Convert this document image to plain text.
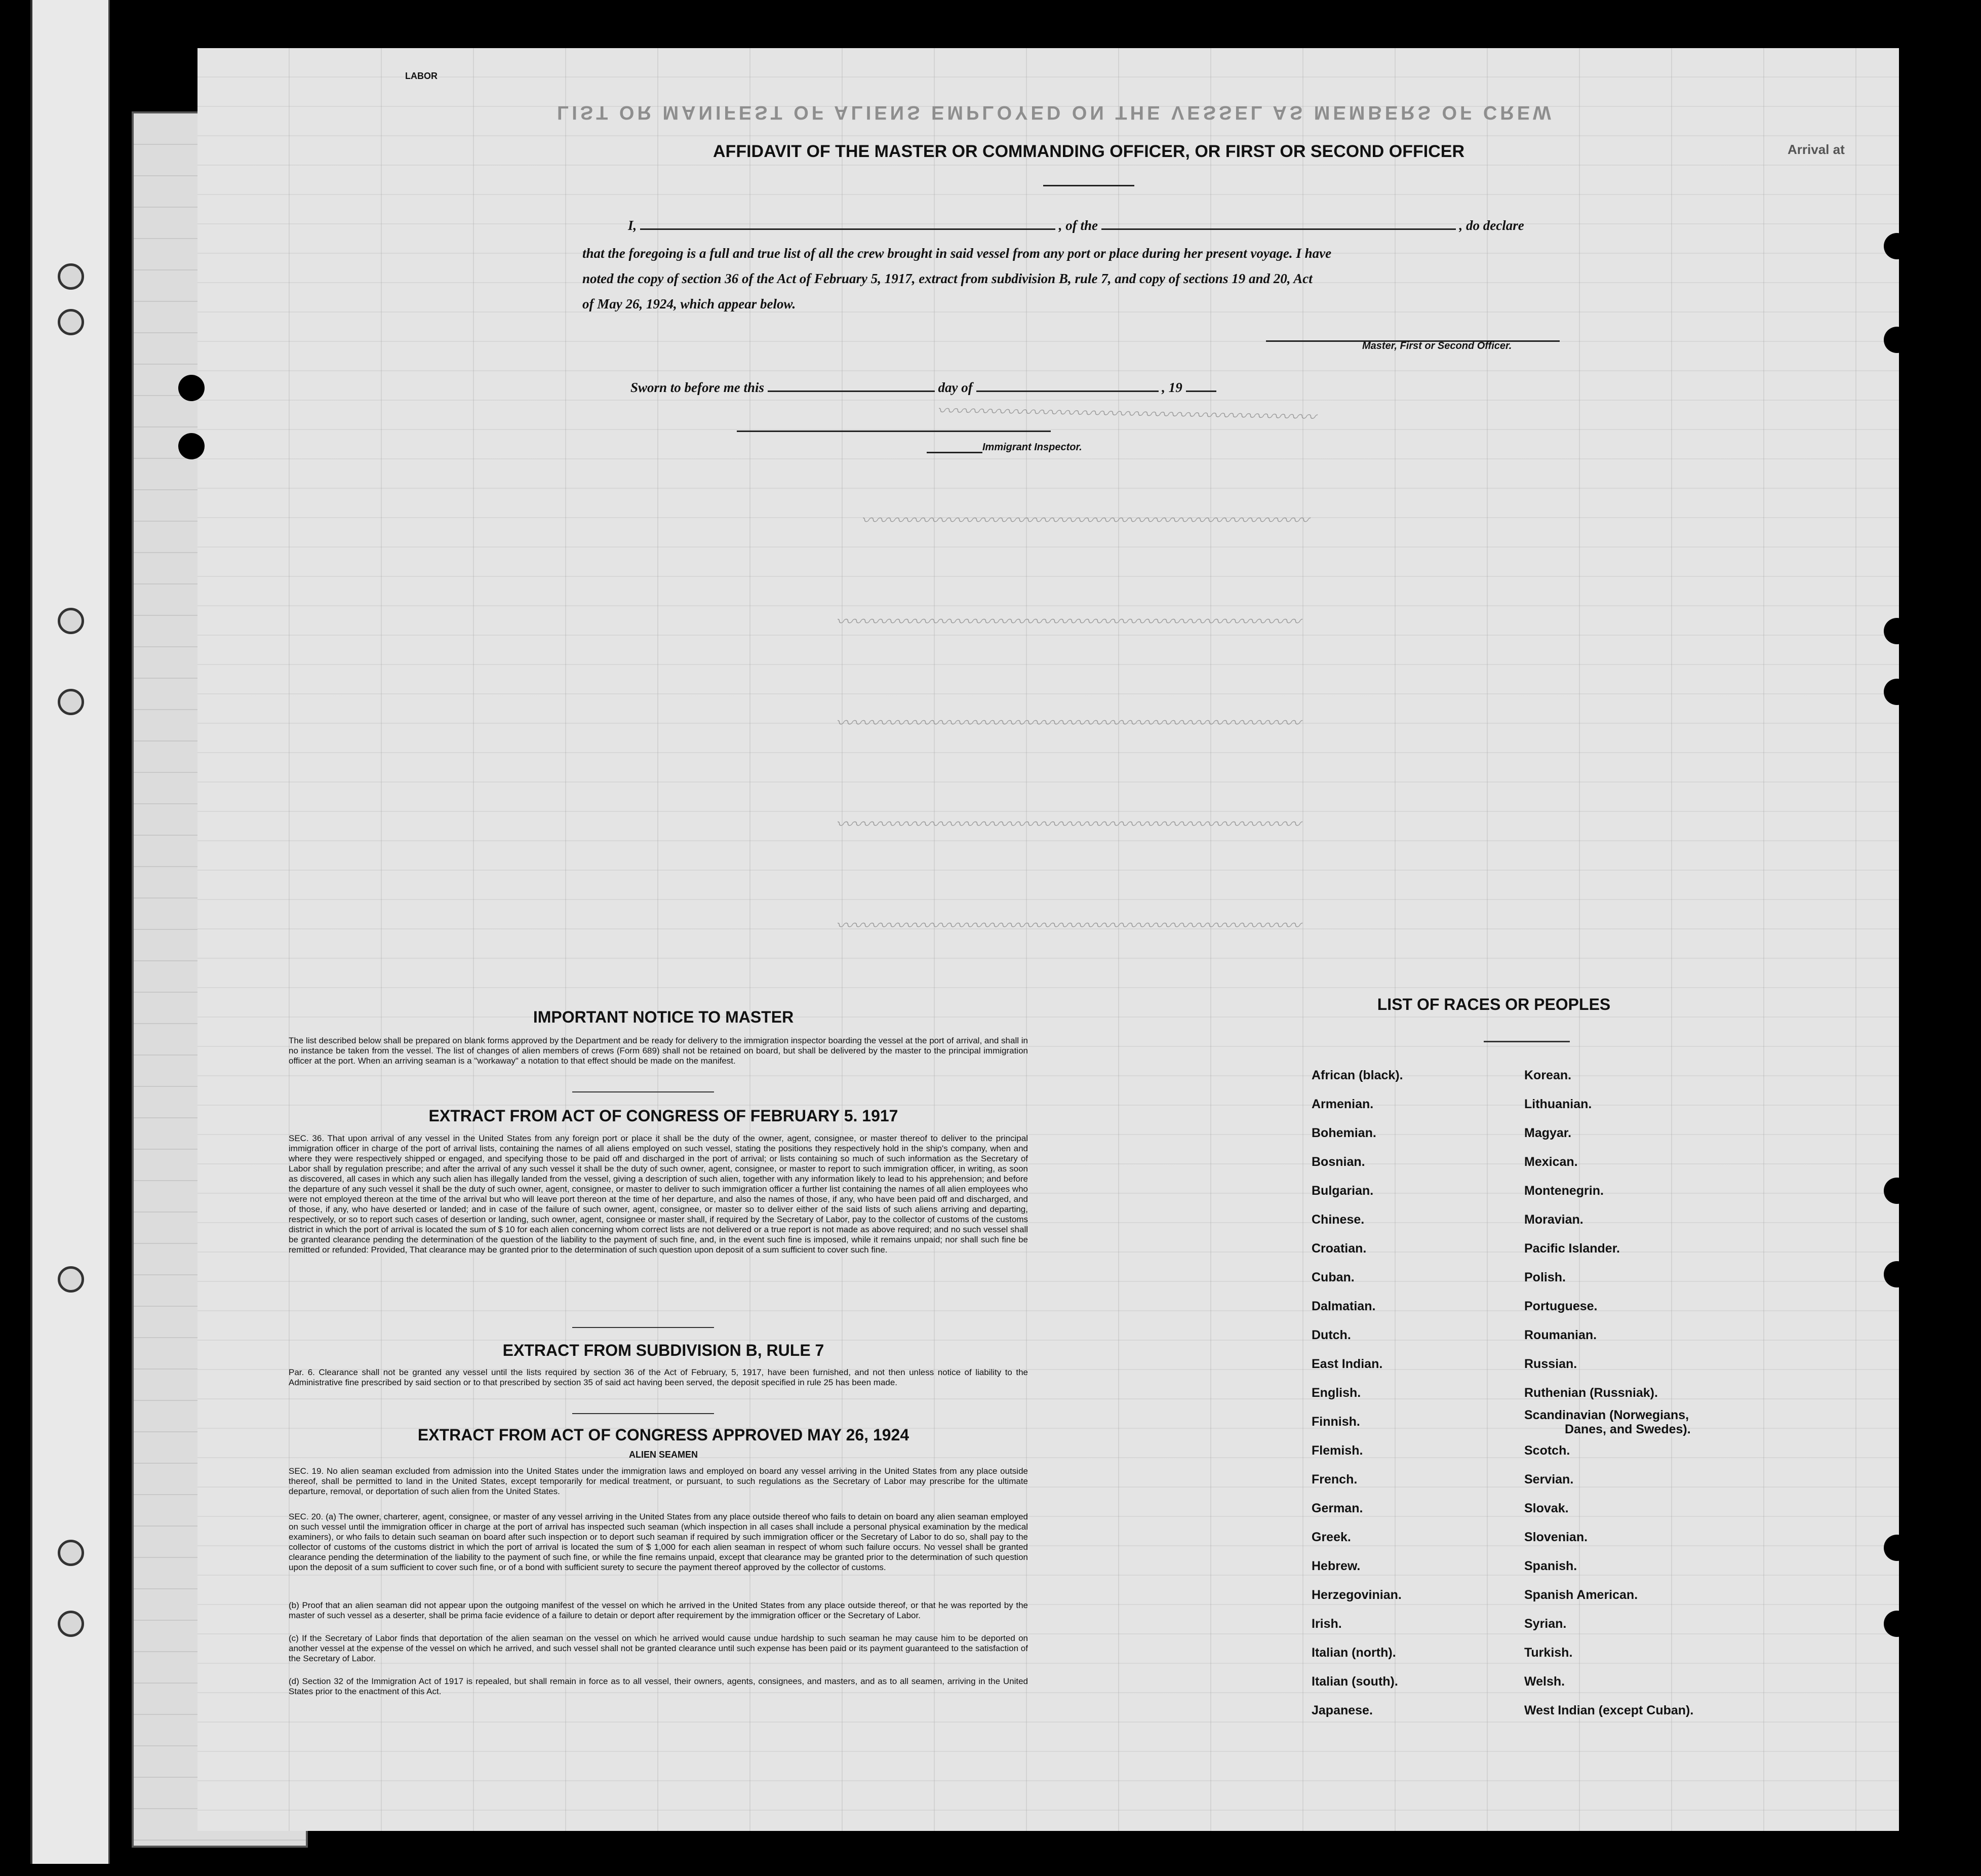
LABOR
LIST OR MANIFEST OF ALIENS EMPLOYED ON THE VESSEL AS MEMBERS OF CREW
Arrival at
AFFIDAVIT OF THE MASTER OR COMMANDING OFFICER, OR FIRST OR SECOND OFFICER
I,	, of the	, do declare
that the foregoing is a full and true list of all the crew brought in said vessel from any port or place during her present voyage. I have
noted the copy of section 36 of the Act of February 5, 1917, extract from subdivision B, rule 7, and copy of sections 19 and 20, Act
of May 26, 1924, which appear below.
Master, First or Second Officer.
Sworn to before me this	day of	, 19
Immigrant Inspector.
〰〰〰〰〰〰〰〰〰〰〰〰〰〰〰〰〰〰〰〰〰〰
〰〰〰〰〰〰〰〰〰〰〰〰〰〰〰〰〰〰〰〰〰〰〰〰〰〰
〰〰〰〰〰〰〰〰〰〰〰〰〰〰〰〰〰〰〰〰〰〰〰〰〰〰〰
〰〰〰〰〰〰〰〰〰〰〰〰〰〰〰〰〰〰〰〰〰〰〰〰〰〰〰
〰〰〰〰〰〰〰〰〰〰〰〰〰〰〰〰〰〰〰〰〰〰〰〰〰〰〰
〰〰〰〰〰〰〰〰〰〰〰〰〰〰〰〰〰〰〰〰〰〰〰〰〰〰〰
IMPORTANT NOTICE TO MASTER
The list described below shall be prepared on blank forms approved by the Department and be ready for delivery to the immigration inspector boarding the vessel at the port of arrival, and shall in no instance be taken from the vessel. The list of changes of alien members of crews (Form 689) shall not be retained on board, but shall be delivered by the master to the principal immigration officer at the port. When an arriving seaman is a "workaway" a notation to that effect should be made on the manifest.
EXTRACT FROM ACT OF CONGRESS OF FEBRUARY 5. 1917
SEC. 36. That upon arrival of any vessel in the United States from any foreign port or place it shall be the duty of the owner, agent, consignee, or master thereof to deliver to the principal immigration officer in charge of the port of arrival lists, containing the names of all aliens employed on such vessel, stating the positions they respectively hold in the ship's company, when and where they were respectively shipped or engaged, and specifying those to be paid off and discharged in the port of arrival; or lists containing so much of such information as the Secretary of Labor shall by regulation prescribe; and after the arrival of any such vessel it shall be the duty of such owner, agent, consignee, or master to report to such immigration officer, in writing, as soon as discovered, all cases in which any such alien has illegally landed from the vessel, giving a description of such alien, together with any information likely to lead to his apprehension; and before the departure of any such vessel it shall be the duty of such owner, agent, consignee, or master to deliver to such immigration officer a further list containing the names of all alien employees who were not employed thereon at the time of the arrival but who will leave port thereon at the time of her departure, and also the names of those, if any, who have been paid off and discharged, and of those, if any, who have deserted or landed; and in case of the failure of such owner, agent, consignee, or master so to deliver either of the said lists of such aliens arriving and departing, respectively, or so to report such cases of desertion or landing, such owner, agent, consignee or master shall, if required by the Secretary of Labor, pay to the collector of customs of the customs district in which the port of arrival is located the sum of $ 10 for each alien concerning whom correct lists are not delivered or a true report is not made as above required; and no such vessel shall be granted clearance pending the determination of the question of the liability to the payment of such fine, and, in the event such fine is imposed, while it remains unpaid; nor shall such fine be remitted or refunded: Provided, That clearance may be granted prior to the determination of such question upon deposit of a sum sufficient to cover such fine.
EXTRACT FROM SUBDIVISION B, RULE 7
Par. 6. Clearance shall not be granted any vessel until the lists required by section 36 of the Act of February, 5, 1917, have been furnished, and not then unless notice of liability to the Administrative fine prescribed by said section or to that prescribed by section 35 of said act having been served, the deposit specified in rule 25 has been made.
EXTRACT FROM ACT OF CONGRESS APPROVED MAY 26, 1924
ALIEN SEAMEN
SEC. 19. No alien seaman excluded from admission into the United States under the immigration laws and employed on board any vessel arriving in the United States from any place outside thereof, shall be permitted to land in the United States, except temporarily for medical treatment, or pursuant, to such regulations as the Secretary of Labor may prescribe for the ultimate departure, removal, or deportation of such alien from the United States.
SEC. 20. (a) The owner, charterer, agent, consignee, or master of any vessel arriving in the United States from any place outside thereof who fails to detain on board any alien seaman employed on such vessel until the immigration officer in charge at the port of arrival has inspected such seaman (which inspection in all cases shall include a personal physical examination by the medical examiners), or who fails to detain such seaman on board after such inspection or to deport such seaman if required by such immigration officer or the Secretary of Labor to do so, shall pay to the collector of customs of the customs district in which the port of arrival is located the sum of $ 1,000 for each alien seaman in respect of whom such failure occurs. No vessel shall be granted clearance pending the determination of the liability to the payment of such fine, or while the fine remains unpaid, except that clearance may be granted prior to the determination of such question upon the deposit of a sum sufficient to cover such fine, or of a bond with sufficient surety to secure the payment thereof approved by the collector of customs.
(b) Proof that an alien seaman did not appear upon the outgoing manifest of the vessel on which he arrived in the United States from any place outside thereof, or that he was reported by the master of such vessel as a deserter, shall be prima facie evidence of a failure to detain or deport after requirement by the immigration officer or the Secretary of Labor.
(c) If the Secretary of Labor finds that deportation of the alien seaman on the vessel on which he arrived would cause undue hardship to such seaman he may cause him to be deported on another vessel at the expense of the vessel on which he arrived, and such vessel shall not be granted clearance until such expense has been paid or its payment guaranteed to the satisfaction of the Secretary of Labor.
(d) Section 32 of the Immigration Act of 1917 is repealed, but shall remain in force as to all vessel, their owners, agents, consignees, and masters, and as to all seamen, arriving in the United States prior to the enactment of this Act.
LIST OF RACES OR PEOPLES
African (black).
Armenian.
Bohemian.
Bosnian.
Bulgarian.
Chinese.
Croatian.
Cuban.
Dalmatian.
Dutch.
East Indian.
English.
Finnish.
Flemish.
French.
German.
Greek.
Hebrew.
Herzegovinian.
Irish.
Italian (north).
Italian (south).
Japanese.
Korean.
Lithuanian.
Magyar.
Mexican.
Montenegrin.
Moravian.
Pacific Islander.
Polish.
Portuguese.
Roumanian.
Russian.
Ruthenian (Russniak).
Scandinavian (Norwegians,
Danes, and Swedes).
Scotch.
Servian.
Slovak.
Slovenian.
Spanish.
Spanish American.
Syrian.
Turkish.
Welsh.
West Indian (except Cuban).
